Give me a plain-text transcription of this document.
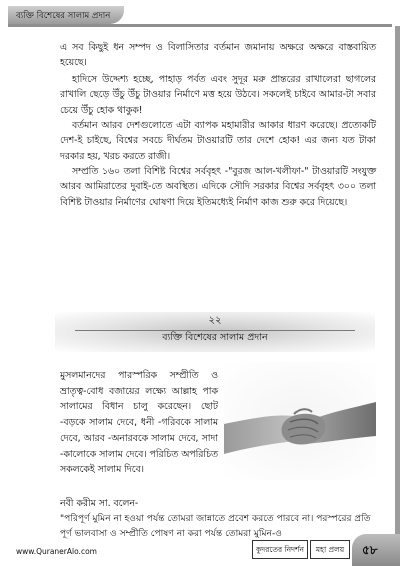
ব্যক্তি বিশেষের সালাম প্রদান

এ সব কিছুই ধন সম্পদ ও বিলাসিতার বর্তমান জমানায় অক্ষরে অক্ষরে বাস্তবায়িত হয়েছে।

হাদিসে উদ্দেশ্য হচ্ছে, পাহাড় পর্বত এবং সুদূর মরু প্রান্তরের রাখালেরা ছাগলের রাখালি ছেড়ে উঁচু উঁচু টাওয়ার নির্মাণে মত্ত হয়ে উঠবে। সকলেই চাইবে আমার-টা সবার চেয়ে উঁচু হোক থাকুক!

বর্তমান আরব দেশগুলোতে এটা ব্যাপক মহামারীর আকার ধারণ করেছে। প্রত্যেকটি দেশ-ই চাইছে, বিশ্বের সবচে দীর্ঘতম টাওয়ারটি তার দেশে হোক! এর জন্য যত টাকা দরকার হয়, খরচ করতে রাজী।

সম্প্রতি ১৬০ তলা বিশিষ্ট বিশ্বের সর্ববৃহৎ -"বুরজ আল-খলীফা-" টাওয়ারটি সংযুক্ত আরব আমিরাতের দুবাই-তে অবস্থিত। এদিকে সৌদি সরকার বিশ্বের সর্ববৃহৎ ৩০০ তলা বিশিষ্ট টাওয়ার নির্মাণের ঘোষণা দিয়ে ইতিমধ্যেই নির্মাণ কাজ শুরু করে দিয়েছে।

২২
ব্যক্তি বিশেষের সালাম প্রদান

মুসলমানদের পারস্পরিক সম্প্রীতি ও ভ্রাতৃত্ব-বোধ বজায়ের লক্ষ্যে আল্লাহ পাক সালামের বিধান চালু করেছেন। ছোট -বড়কে সালাম দেবে, ধনী -গরিবকে সালাম দেবে, আরব -অনারবকে সালাম দেবে, সাদা -কালোকে সালাম দেবে। পরিচিত অপরিচিত সকলকেই সালাম দিবে।

নবী করীম সা. বলেন-

"পরিপূর্ণ মুমিন না হওয়া পর্যন্ত তোমরা জান্নাতে প্রবেশ করতে পারবে না। পরস্পরের প্রতি পূর্ণ ভালবাসা ও সম্প্রীতি পোষণ না করা পর্যন্ত তোমরা মুমিন-ও

www.QuranerAlo.com	কুদরতের নিদর্শন	মহা প্রলয়	৫৮
